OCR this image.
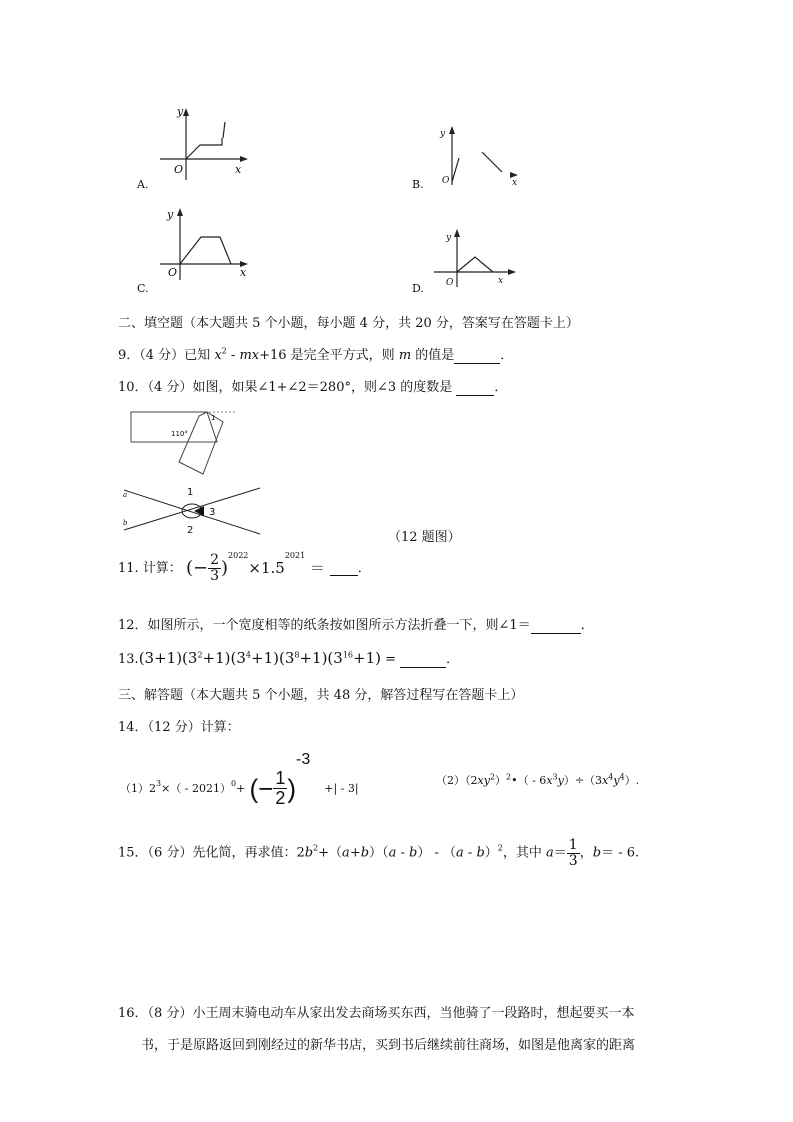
y
O	x
A.
y
O	x
B.
y
O	x
C.
y
O	x
D.
二、填空题（本大题共 5 个小题，每小题 4 分，共 20 分，答案写在答题卡上）
9．（4 分）已知 $x^2 - mx+16$ 是完全平方式，则 m 的值是	．
10．（4 分）如图，如果∠1+∠2＝280°，则∠3 的度数是	．
110°
1
a
b
1
2
3
（12 题图）
11. 计算： (− $\frac{2}{3} )^{2022}\times 1.5^{2021}$ ＝  ．
12．如图所示，一个宽度相等的纸条按如图所示方法折叠一下，则∠1＝	．
$13.(3+1)(3^2+1)(3^4+1)(3^8+1)(3^{16}+1)$ =	．
三、解答题（本大题共 5 个小题，共 48 分，解答过程写在答题卡上）
14．（12 分）计算：
$(1)2^3\times( - 2021)^0+$ (− $\frac{1}{2} )-3+| - 3|$
$(2)(2xy^2)^2•( - 6x^3y)\div(3x^4y^4)$.
15．（6 分）先化简，再求值：$2b^2+(a+b)(a - b) - (a - b)^2$，其中 $a= \frac{1}{3}$ ，b＝ - 6.
16．（8 分）小王周末骑电动车从家出发去商场买东西，当他骑了一段路时，想起要买一本
书，于是原路返回到刚经过的新华书店，买到书后继续前往商场，如图是他离家的距离
